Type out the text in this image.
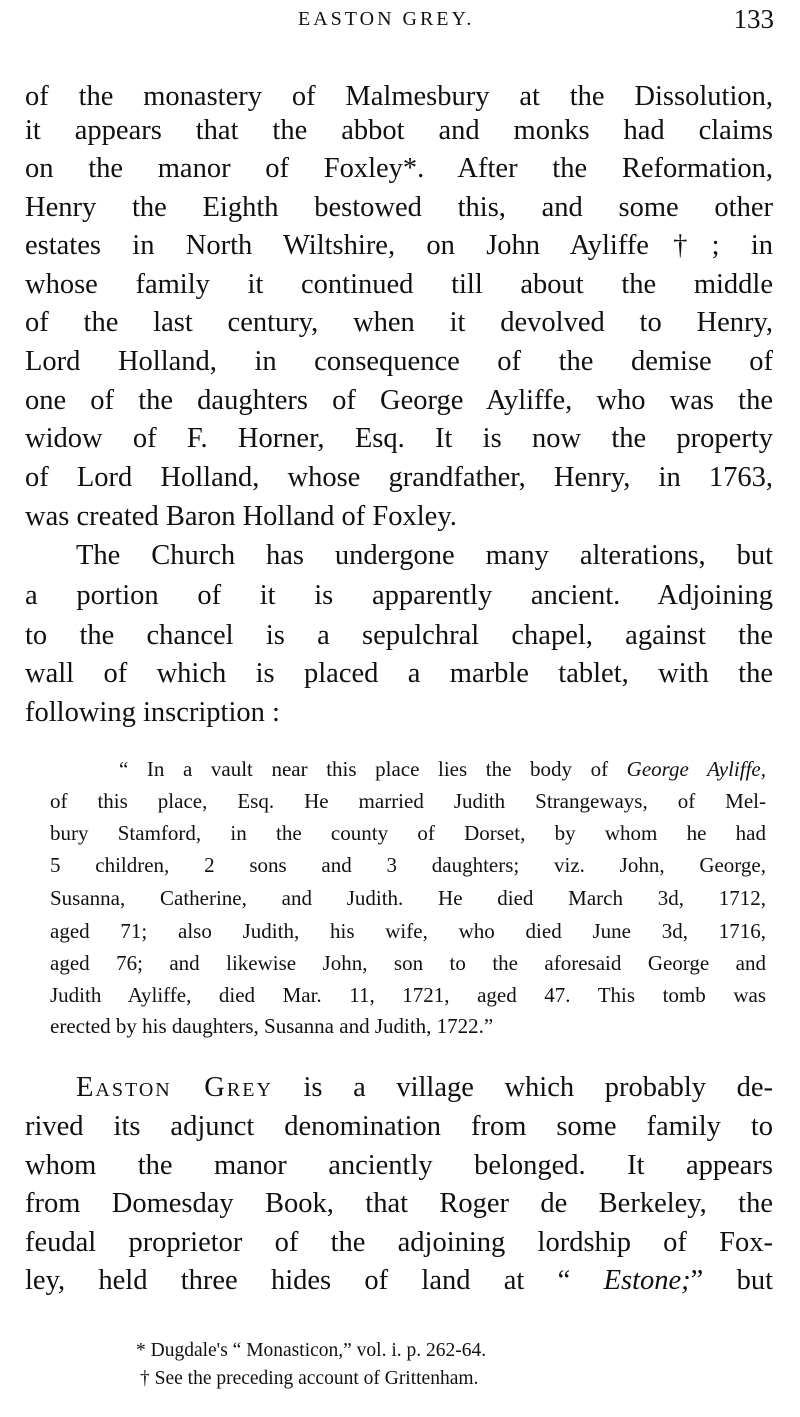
EASTON GREY.	133
of the monastery of Malmesbury at the Dissolution,
it appears that the abbot and monks had claims
on the manor of Foxley*. After the Reformation,
Henry the Eighth bestowed this, and some other
estates in North Wiltshire, on John Ayliffe†; in
whose family it continued till about the middle
of the last century, when it devolved to Henry,
Lord Holland, in consequence of the demise of
one of the daughters of George Ayliffe, who was the
widow of F. Horner, Esq. It is now the property
of Lord Holland, whose grandfather, Henry, in 1763,
was created Baron Holland of Foxley.
The Church has undergone many alterations, but
a portion of it is apparently ancient. Adjoining
to the chancel is a sepulchral chapel, against the
wall of which is placed a marble tablet, with the
following inscription :
“ In a vault near this place lies the body of George Ayliffe,
of this place, Esq. He married Judith Strangeways, of Mel-
bury Stamford, in the county of Dorset, by whom he had
5 children, 2 sons and 3 daughters; viz. John, George,
Susanna, Catherine, and Judith. He died March 3d, 1712,
aged 71; also Judith, his wife, who died June 3d, 1716,
aged 76; and likewise John, son to the aforesaid George and
Judith Ayliffe, died Mar. 11, 1721, aged 47. This tomb was
erected by his daughters, Susanna and Judith, 1722.”
Easton Grey is a village which probably de-
rived its adjunct denomination from some family to
whom the manor anciently belonged. It appears
from Domesday Book, that Roger de Berkeley, the
feudal proprietor of the adjoining lordship of Fox-
ley, held three hides of land at “ Estone;” but
* Dugdale's “ Monasticon,” vol. i. p. 262-64.
† See the preceding account of Grittenham.
